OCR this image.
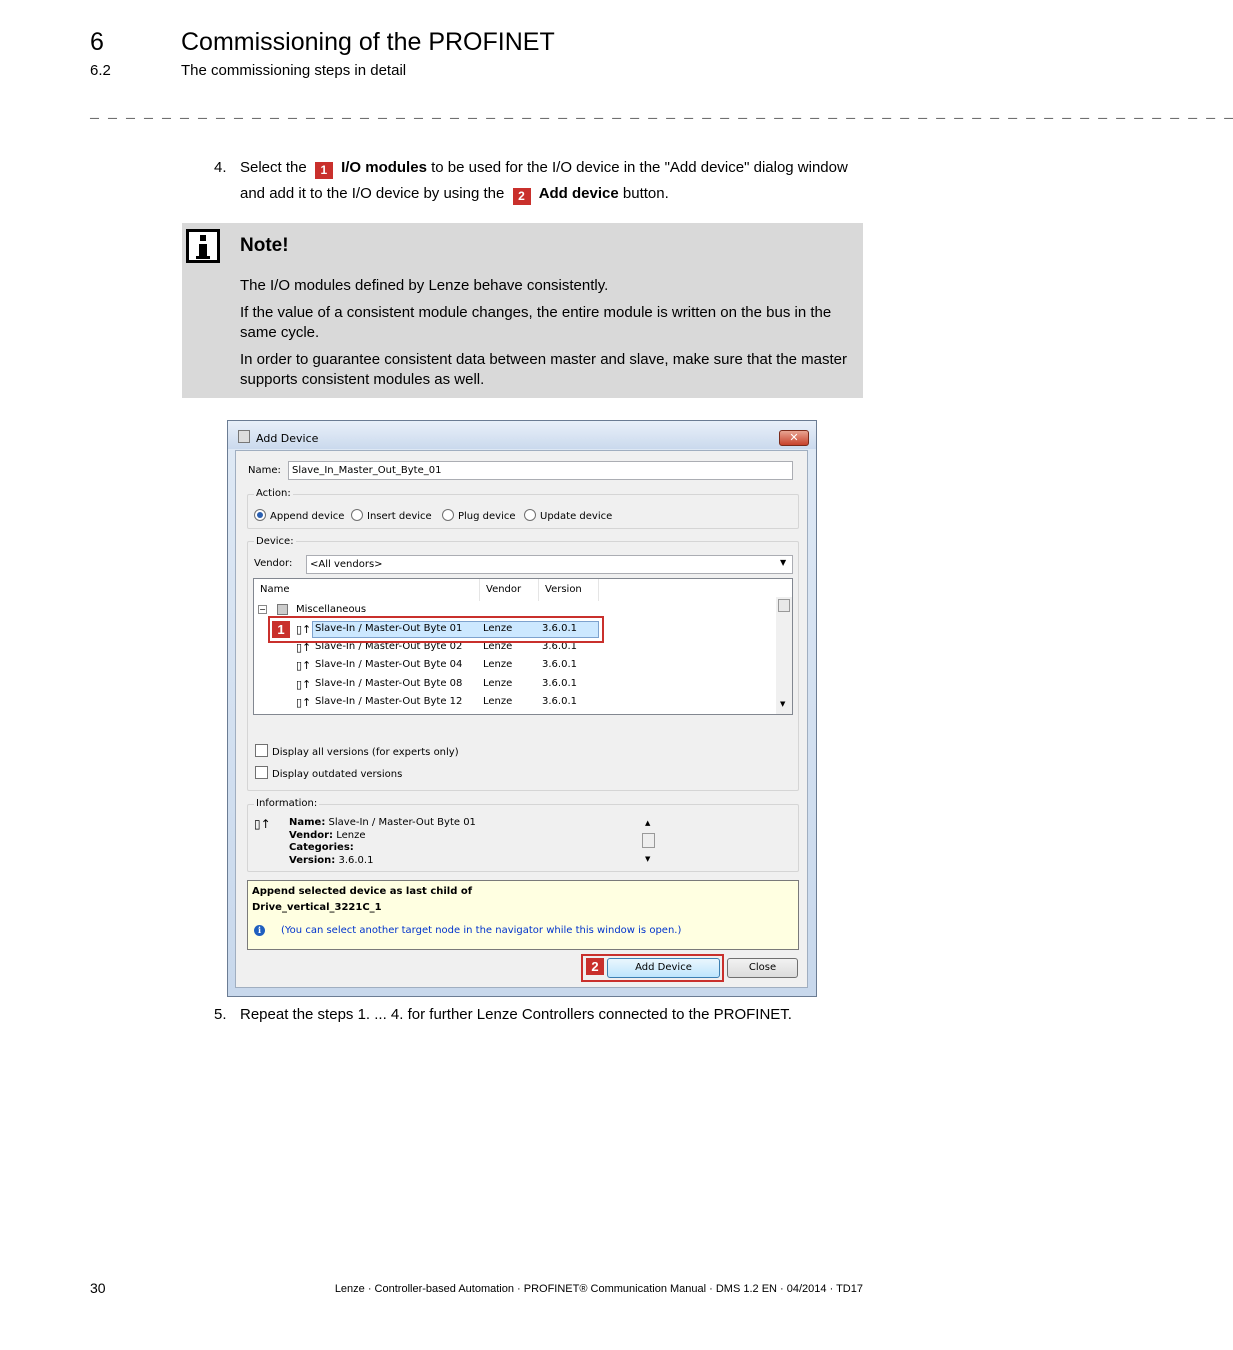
6	Commissioning of the PROFINET
6.2	The commissioning steps in detail
_ _ _ _ _ _ _ _ _ _ _ _ _ _ _ _ _ _ _ _ _ _ _ _ _ _ _ _ _ _ _ _ _ _ _ _ _ _ _ _ _ _ _ _ _ _ _ _ _ _ _ _ _ _ _ _ _ _ _ _ _ _ _ _
4. Select the 1 I/O modules to be used for the I/O device in the "Add device" dialog window
and add it to the I/O device by using the 2 Add device button.
Note!
The I/O modules defined by Lenze behave consistently.
If the value of a consistent module changes, the entire module is written on the bus in the same cycle.
In order to guarantee consistent data between master and slave, make sure that the master supports consistent modules as well.
Add Device	✕
Name:	Slave_In_Master_Out_Byte_01
Action:
Append device	Insert device	Plug device	Update device
Device:
Vendor:	<All vendors>	▼
Name	Vendor	Version
▼
−	Miscellaneous
▯↑ Slave-In / Master-Out Byte 01 Lenze	3.6.0.1
▯↑ Slave-In / Master-Out Byte 02 Lenze	3.6.0.1
▯↑ Slave-In / Master-Out Byte 04 Lenze	3.6.0.1
▯↑ Slave-In / Master-Out Byte 08 Lenze	3.6.0.1
▯↑ Slave-In / Master-Out Byte 12 Lenze	3.6.0.1
1
Display all versions (for experts only)
Display outdated versions
Information:
▯↑ Name: Slave-In / Master-Out Byte 01
Vendor: Lenze
Categories:
Version: 3.6.0.1
▲
▼
Append selected device as last child of
Drive_vertical_3221C_1
i	(You can select another target node in the navigator while this window is open.)
Add Device	Close
2
5. Repeat the steps 1. ... 4. for further Lenze Controllers connected to the PROFINET.
30	Lenze · Controller-based Automation · PROFINET® Communication Manual · DMS 1.2 EN · 04/2014 · TD17
